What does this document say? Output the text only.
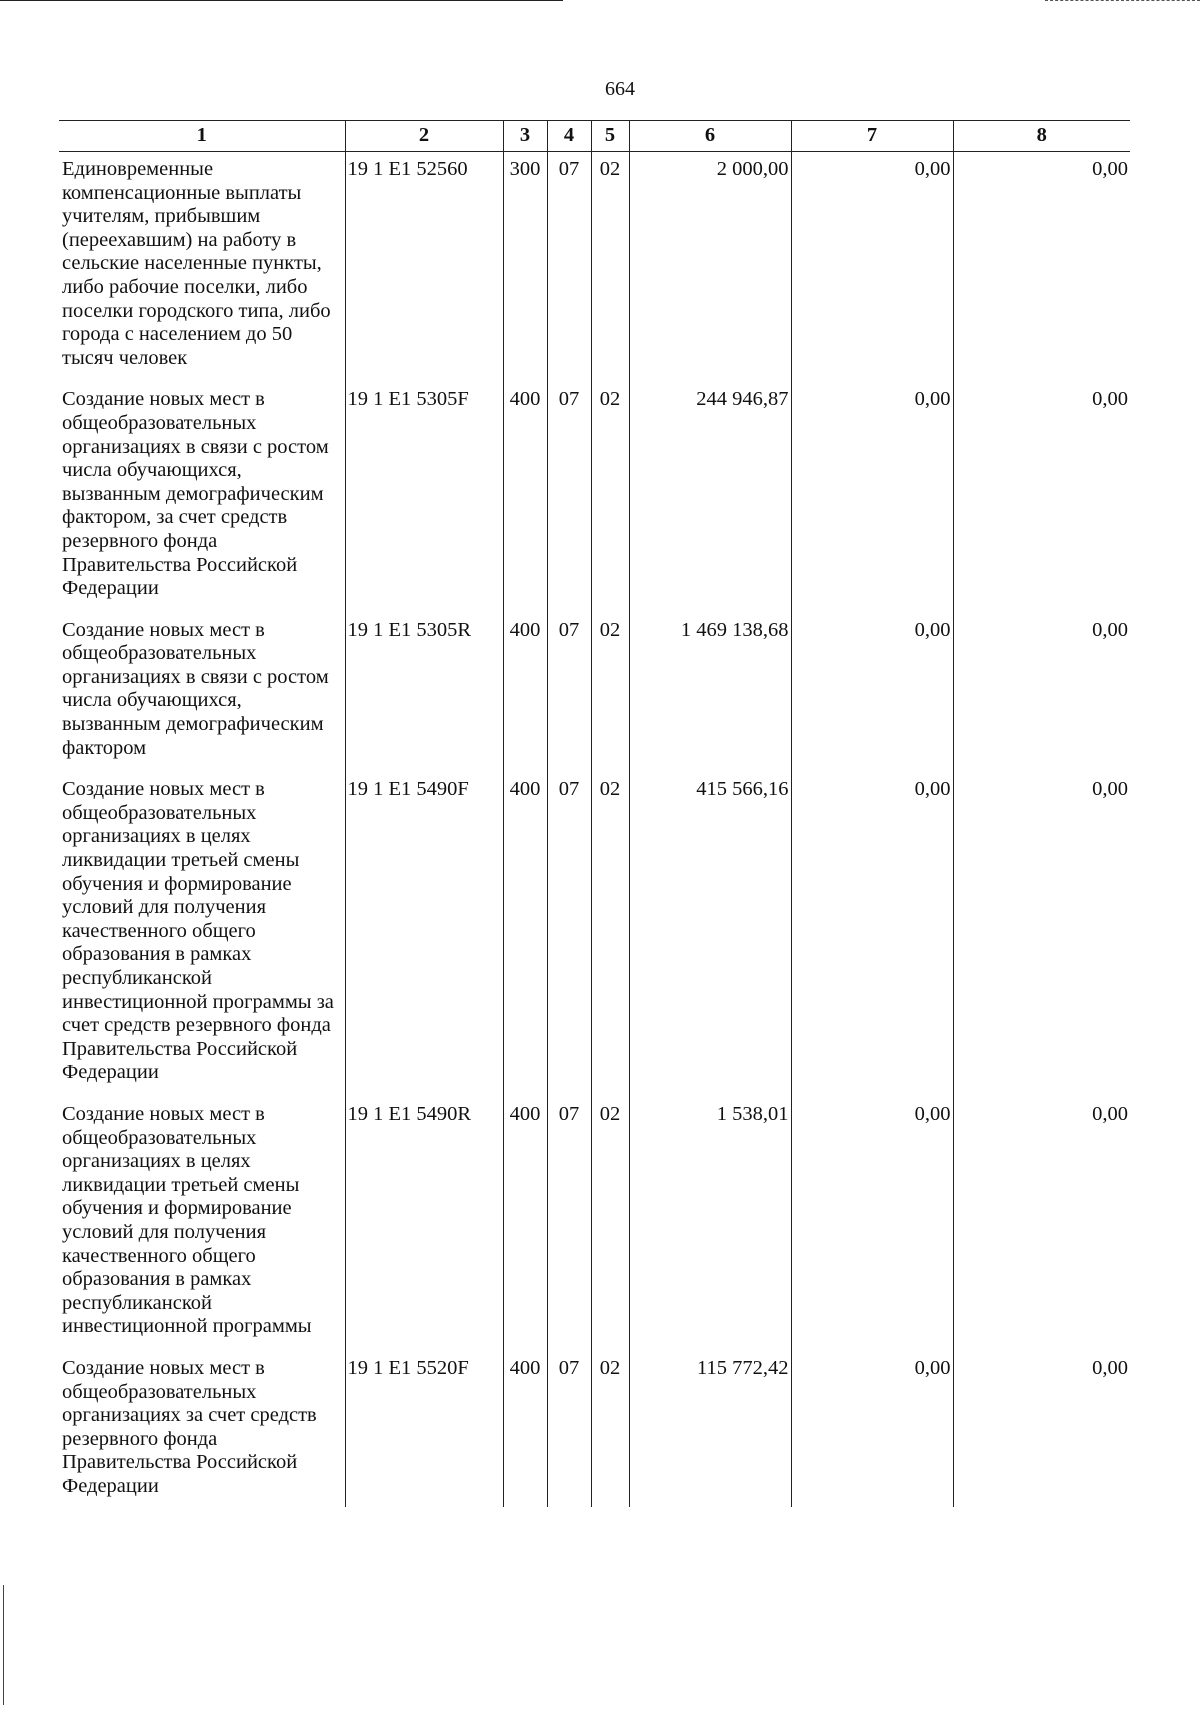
664
1	2	3	4	5	6	7	8
Единовременные компенсационные выплаты учителям, прибывшим (переехавшим) на работу в сельские населенные пункты, либо рабочие поселки, либо поселки городского типа, либо города с населением до 50 тысяч человек	19 1 E1 52560	300	07	02	2 000,00	0,00	0,00
Создание новых мест в общеобразовательных организациях в связи с ростом числа обучающихся, вызванным демографическим фактором, за счет средств резервного фонда Правительства Российской Федерации	19 1 E1 5305F	400	07	02	244 946,87	0,00	0,00
Создание новых мест в общеобразовательных организациях в связи с ростом числа обучающихся, вызванным демографическим фактором	19 1 E1 5305R	400	07	02	1 469 138,68	0,00	0,00
Создание новых мест в общеобразовательных организациях в целях ликвидации третьей смены обучения и формирование условий для получения качественного общего образования в рамках республиканской инвестиционной программы за счет средств резервного фонда Правительства Российской Федерации	19 1 E1 5490F	400	07	02	415 566,16	0,00	0,00
Создание новых мест в общеобразовательных организациях в целях ликвидации третьей смены обучения и формирование условий для получения качественного общего образования в рамках республиканской инвестиционной программы	19 1 E1 5490R	400	07	02	1 538,01	0,00	0,00
Создание новых мест в общеобразовательных организациях за счет средств резервного фонда Правительства Российской Федерации	19 1 E1 5520F	400	07	02	115 772,42	0,00	0,00
